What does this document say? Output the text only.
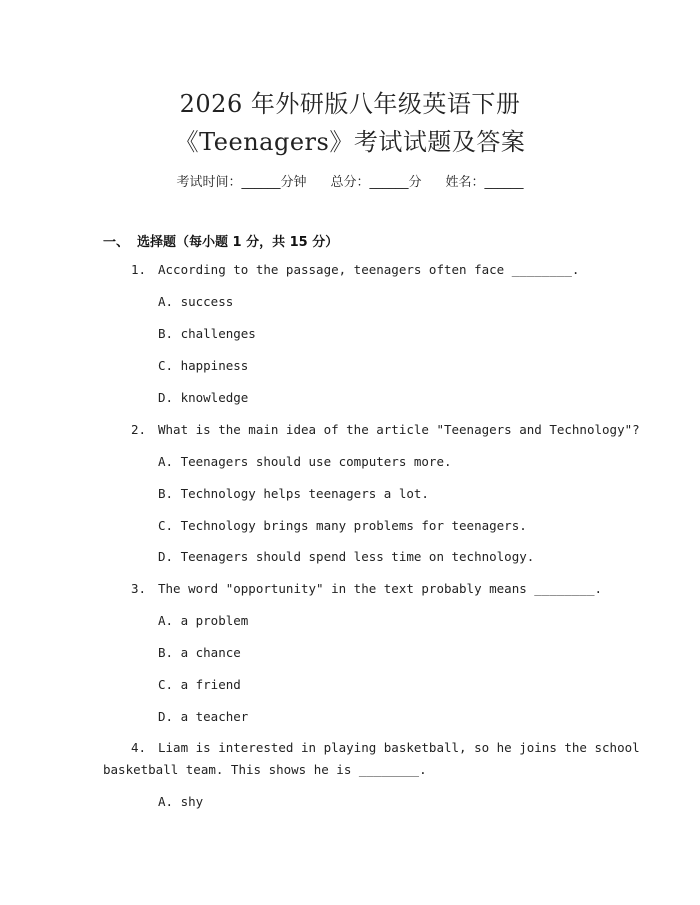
2026 年外研版八年级英语下册
《Teenagers》考试试题及答案
考试时间：______分钟 总分：______分 姓名：______
一、 选择题（每小题 1 分，共 15 分）
1. According to the passage, teenagers often face ________.
A. success
B. challenges
C. happiness
D. knowledge
2. What is the main idea of the article "Teenagers and Technology"?
A. Teenagers should use computers more.
B. Technology helps teenagers a lot.
C. Technology brings many problems for teenagers.
D. Teenagers should spend less time on technology.
3. The word "opportunity" in the text probably means ________.
A. a problem
B. a chance
C. a friend
D. a teacher
4. Liam is interested in playing basketball, so he joins the school
basketball team. This shows he is ________.
A. shy
